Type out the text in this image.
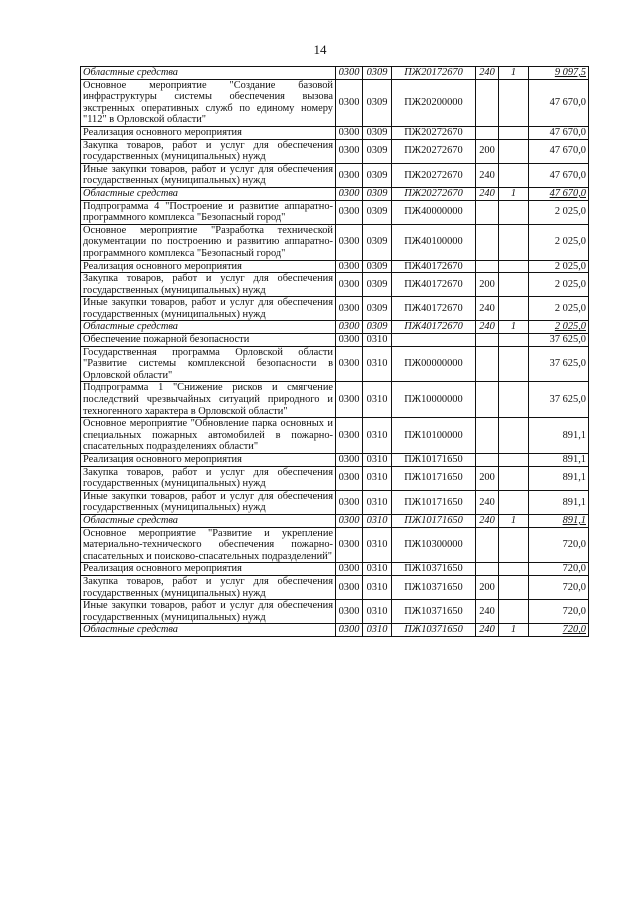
14
Областные средства	0300	0309	ПЖ20172670	240	1	9 097,5
Основное мероприятие "Создание базовой инфраструктуры системы обеспечения вызова экстренных оперативных служб по единому номеру "112" в Орловской области"	0300	0309	ПЖ20200000			47 670,0
Реализация основного мероприятия	0300	0309	ПЖ20272670			47 670,0
Закупка товаров, работ и услуг для обеспечения государственных (муниципальных) нужд	0300	0309	ПЖ20272670	200		47 670,0
Иные закупки товаров, работ и услуг для обеспечения государственных (муниципальных) нужд	0300	0309	ПЖ20272670	240		47 670,0
Областные средства	0300	0309	ПЖ20272670	240	1	47 670,0
Подпрограмма 4 "Построение и развитие аппаратно-программного комплекса "Безопасный город"	0300	0309	ПЖ40000000			2 025,0
Основное мероприятие "Разработка технической документации по построению и развитию аппаратно-программного комплекса "Безопасный город"	0300	0309	ПЖ40100000			2 025,0
Реализация основного мероприятия	0300	0309	ПЖ40172670			2 025,0
Закупка товаров, работ и услуг для обеспечения государственных (муниципальных) нужд	0300	0309	ПЖ40172670	200		2 025,0
Иные закупки товаров, работ и услуг для обеспечения государственных (муниципальных) нужд	0300	0309	ПЖ40172670	240		2 025,0
Областные средства	0300	0309	ПЖ40172670	240	1	2 025,0
Обеспечение пожарной безопасности	0300	0310				37 625,0
Государственная программа Орловской области "Развитие системы комплексной безопасности в Орловской области"	0300	0310	ПЖ00000000			37 625,0
Подпрограмма 1 "Снижение рисков и смягчение последствий чрезвычайных ситуаций природного и техногенного характера в Орловской области"	0300	0310	ПЖ10000000			37 625,0
Основное мероприятие "Обновление парка основных и специальных пожарных автомобилей в пожарно-спасательных подразделениях области"	0300	0310	ПЖ10100000			891,1
Реализация основного мероприятия	0300	0310	ПЖ10171650			891,1
Закупка товаров, работ и услуг для обеспечения государственных (муниципальных) нужд	0300	0310	ПЖ10171650	200		891,1
Иные закупки товаров, работ и услуг для обеспечения государственных (муниципальных) нужд	0300	0310	ПЖ10171650	240		891,1
Областные средства	0300	0310	ПЖ10171650	240	1	891,1
Основное мероприятие "Развитие и укрепление материально-технического обеспечения пожарно-спасательных и поисково-спасательных подразделений"	0300	0310	ПЖ10300000			720,0
Реализация основного мероприятия	0300	0310	ПЖ10371650			720,0
Закупка товаров, работ и услуг для обеспечения государственных (муниципальных) нужд	0300	0310	ПЖ10371650	200		720,0
Иные закупки товаров, работ и услуг для обеспечения государственных (муниципальных) нужд	0300	0310	ПЖ10371650	240		720,0
Областные средства	0300	0310	ПЖ10371650	240	1	720,0
